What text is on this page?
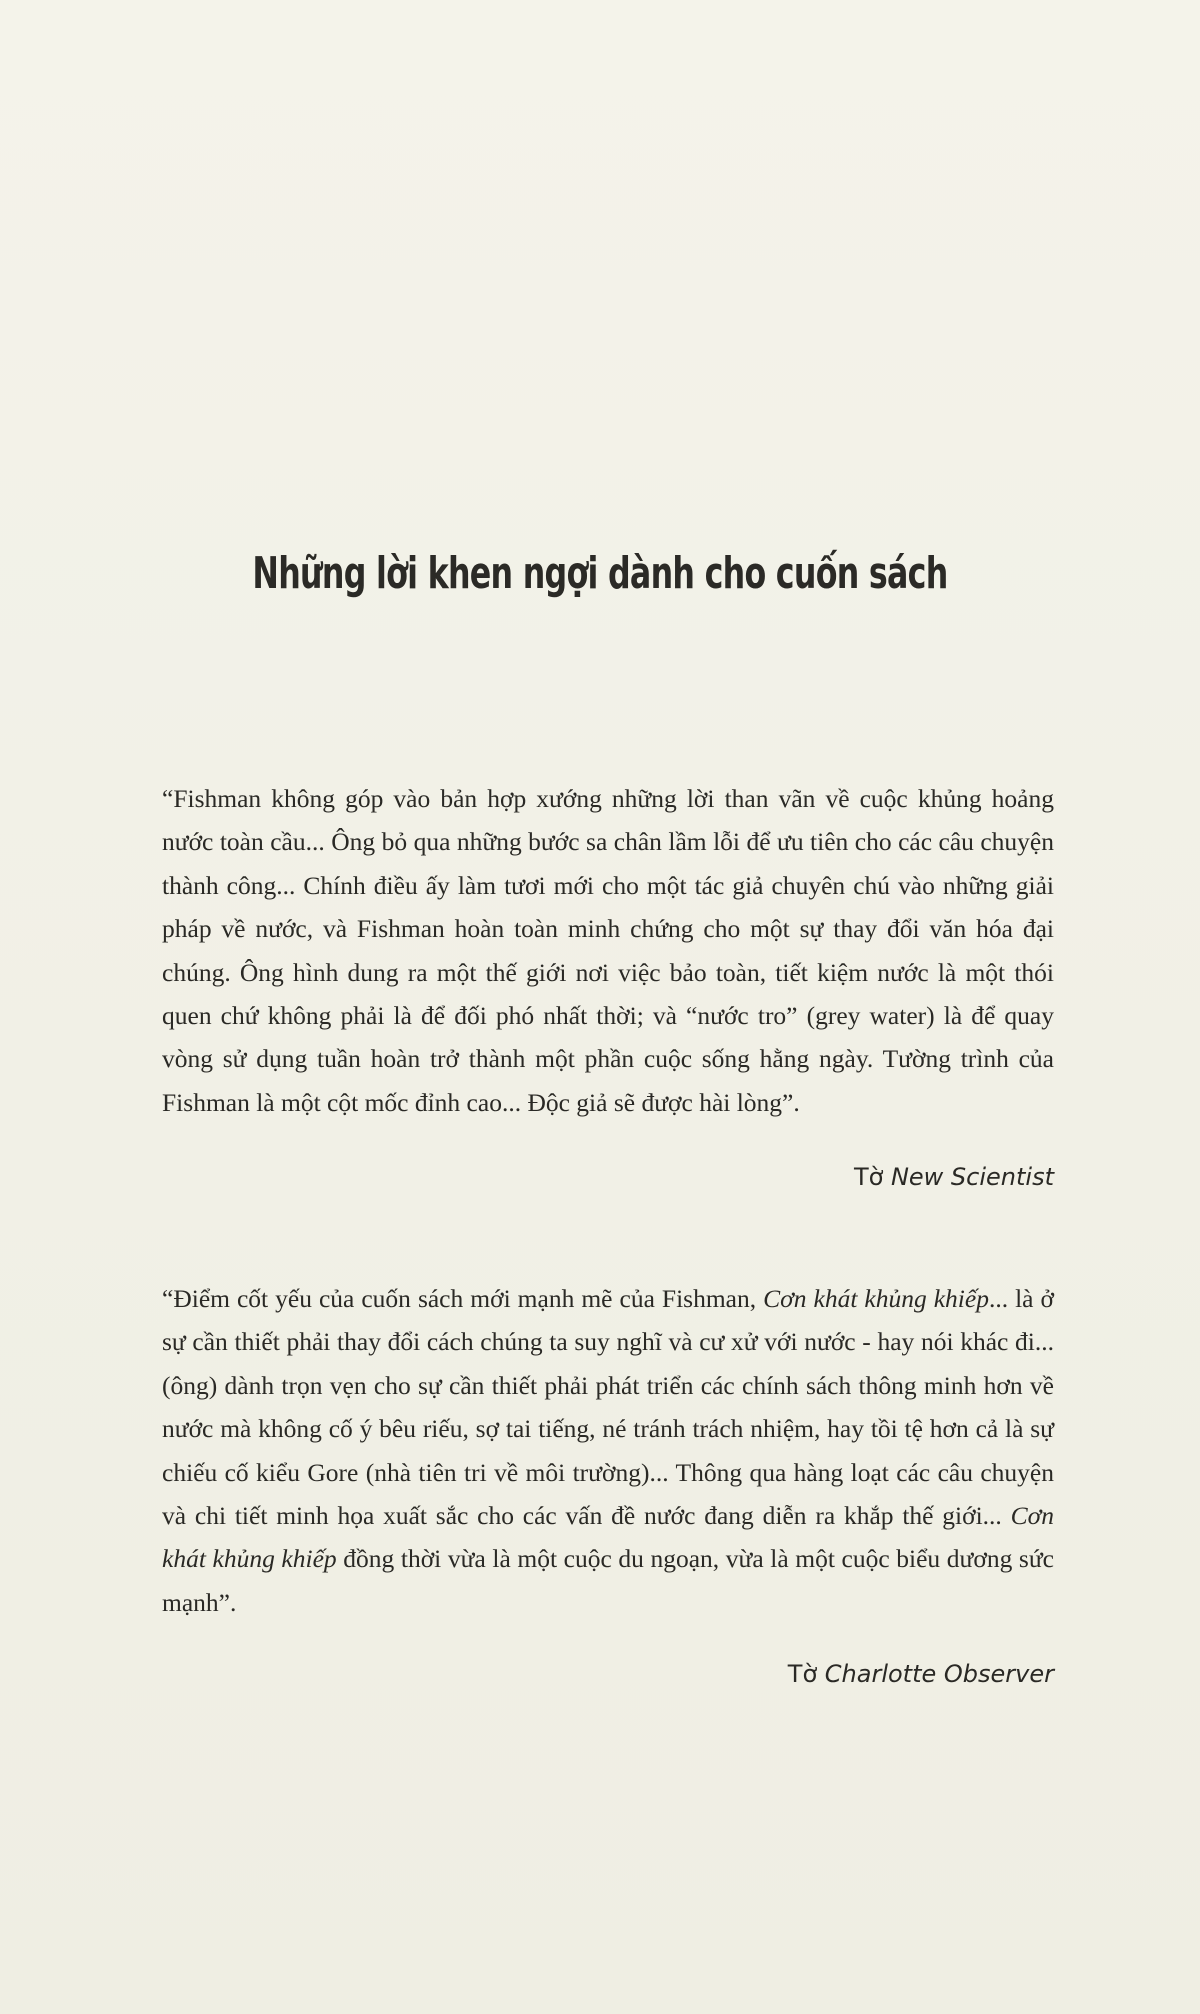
Những lời khen ngợi dành cho cuốn sách

“Fishman không góp vào bản hợp xướng những lời than vãn về cuộc khủng hoảng nước toàn cầu... Ông bỏ qua những bước sa chân lầm lỗi để ưu tiên cho các câu chuyện thành công... Chính điều ấy làm tươi mới cho một tác giả chuyên chú vào những giải pháp về nước, và Fishman hoàn toàn minh chứng cho một sự thay đổi văn hóa đại chúng. Ông hình dung ra một thế giới nơi việc bảo toàn, tiết kiệm nước là một thói quen chứ không phải là để đối phó nhất thời; và “nước tro” (grey water) là để quay vòng sử dụng tuần hoàn trở thành một phần cuộc sống hằng ngày. Tường trình của Fishman là một cột mốc đỉnh cao... Độc giả sẽ được hài lòng”.

Tờ New Scientist

“Điểm cốt yếu của cuốn sách mới mạnh mẽ của Fishman, Cơn khát khủng khiếp... là ở sự cần thiết phải thay đổi cách chúng ta suy nghĩ và cư xử với nước - hay nói khác đi... (ông) dành trọn vẹn cho sự cần thiết phải phát triển các chính sách thông minh hơn về nước mà không cố ý bêu riếu, sợ tai tiếng, né tránh trách nhiệm, hay tồi tệ hơn cả là sự chiếu cố kiểu Gore (nhà tiên tri về môi trường)... Thông qua hàng loạt các câu chuyện và chi tiết minh họa xuất sắc cho các vấn đề nước đang diễn ra khắp thế giới... Cơn khát khủng khiếp đồng thời vừa là một cuộc du ngoạn, vừa là một cuộc biểu dương sức mạnh”.

Tờ Charlotte Observer
